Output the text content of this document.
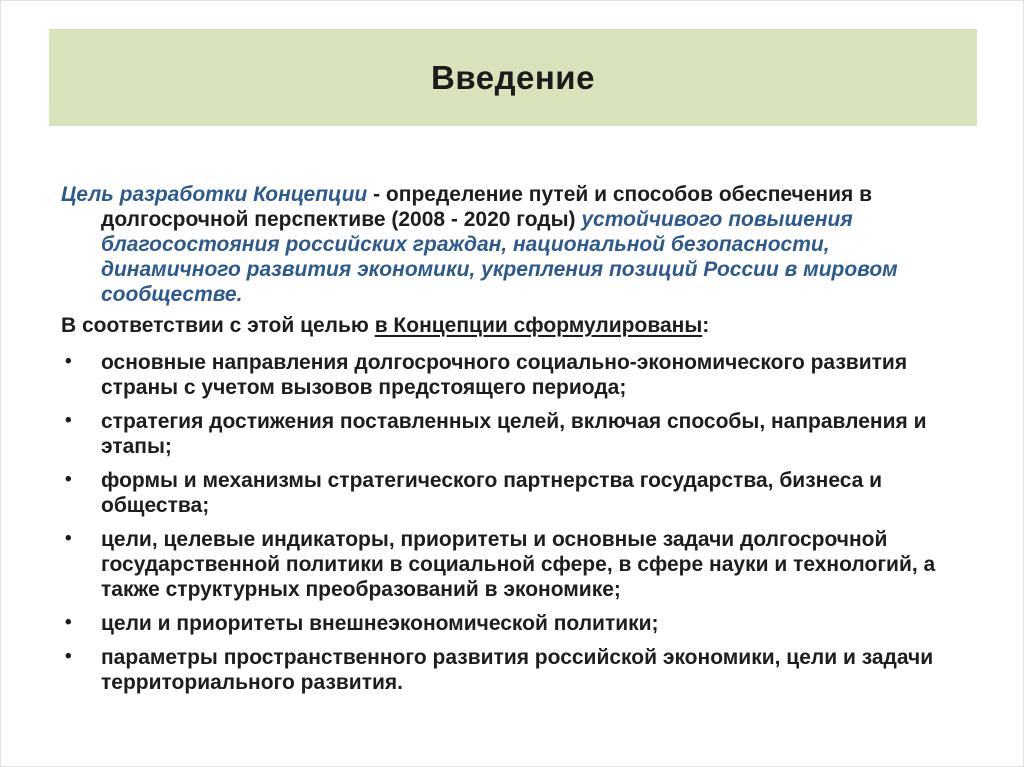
Введение

Цель разработки Концепции - определение путей и способов обеспечения в долгосрочной перспективе (2008 - 2020 годы) устойчивого повышения благосостояния российских граждан, национальной безопасности, динамичного развития экономики, укрепления позиций России в мировом сообществе.

В соответствии с этой целью в Концепции сформулированы:

• основные направления долгосрочного социально-экономического развития страны с учетом вызовов предстоящего периода;
• стратегия достижения поставленных целей, включая способы, направления и этапы;
• формы и механизмы стратегического партнерства государства, бизнеса и общества;
• цели, целевые индикаторы, приоритеты и основные задачи долгосрочной государственной политики в социальной сфере, в сфере науки и технологий, а также структурных преобразований в экономике;
• цели и приоритеты внешнеэкономической политики;
• параметры пространственного развития российской экономики, цели и задачи территориального развития.
